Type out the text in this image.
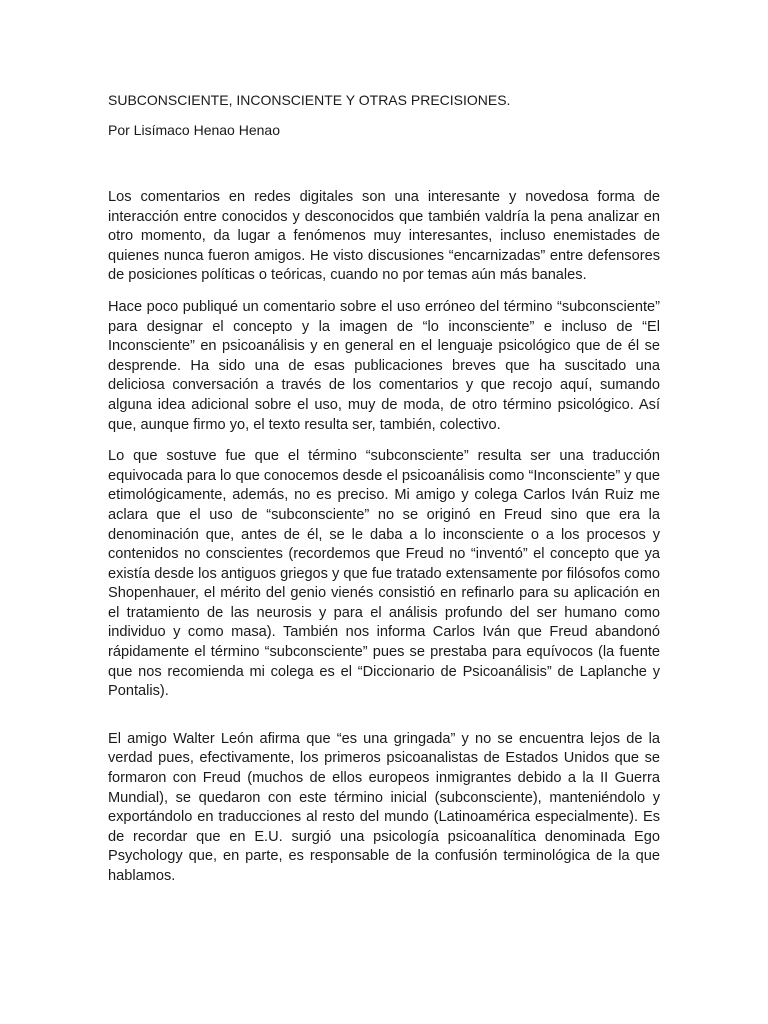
SUBCONSCIENTE, INCONSCIENTE Y OTRAS PRECISIONES.

Por Lisímaco Henao Henao

Los comentarios en redes digitales son una interesante y novedosa forma de interacción entre conocidos y desconocidos que también valdría la pena analizar en otro momento, da lugar a fenómenos muy interesantes, incluso enemistades de quienes nunca fueron amigos. He visto discusiones “encarnizadas” entre defensores de posiciones políticas o teóricas, cuando no por temas aún más banales.

Hace poco publiqué un comentario sobre el uso erróneo del término “subconsciente” para designar el concepto y la imagen de “lo inconsciente” e incluso de “El Inconsciente” en psicoanálisis y en general en el lenguaje psicológico que de él se desprende. Ha sido una de esas publicaciones breves que ha suscitado una deliciosa conversación a través de los comentarios y que recojo aquí, sumando alguna idea adicional sobre el uso, muy de moda, de otro término psicológico. Así que, aunque firmo yo, el texto resulta ser, también, colectivo.

Lo que sostuve fue que el término “subconsciente” resulta ser una traducción equivocada para lo que conocemos desde el psicoanálisis como “Inconsciente” y que etimológicamente, además, no es preciso. Mi amigo y colega Carlos Iván Ruiz me aclara que el uso de “subconsciente” no se originó en Freud sino que era la denominación que, antes de él, se le daba a lo inconsciente o a los procesos y contenidos no conscientes (recordemos que Freud no “inventó” el concepto que ya existía desde los antiguos griegos y que fue tratado extensamente por filósofos como Shopenhauer, el mérito del genio vienés consistió en refinarlo para su aplicación en el tratamiento de las neurosis y para el análisis profundo del ser humano como individuo y como masa). También nos informa Carlos Iván que Freud abandonó rápidamente el término “subconsciente” pues se prestaba para equívocos (la fuente que nos recomienda mi colega es el “Diccionario de Psicoanálisis” de Laplanche y Pontalis).

El amigo Walter León afirma que “es una gringada” y no se encuentra lejos de la verdad pues, efectivamente, los primeros psicoanalistas de Estados Unidos que se formaron con Freud (muchos de ellos europeos inmigrantes debido a la II Guerra Mundial), se quedaron con este término inicial (subconsciente), manteniéndolo y exportándolo en traducciones al resto del mundo (Latinoamérica especialmente). Es de recordar que en E.U. surgió una psicología psicoanalítica denominada Ego Psychology que, en parte, es responsable de la confusión terminológica de la que hablamos.
